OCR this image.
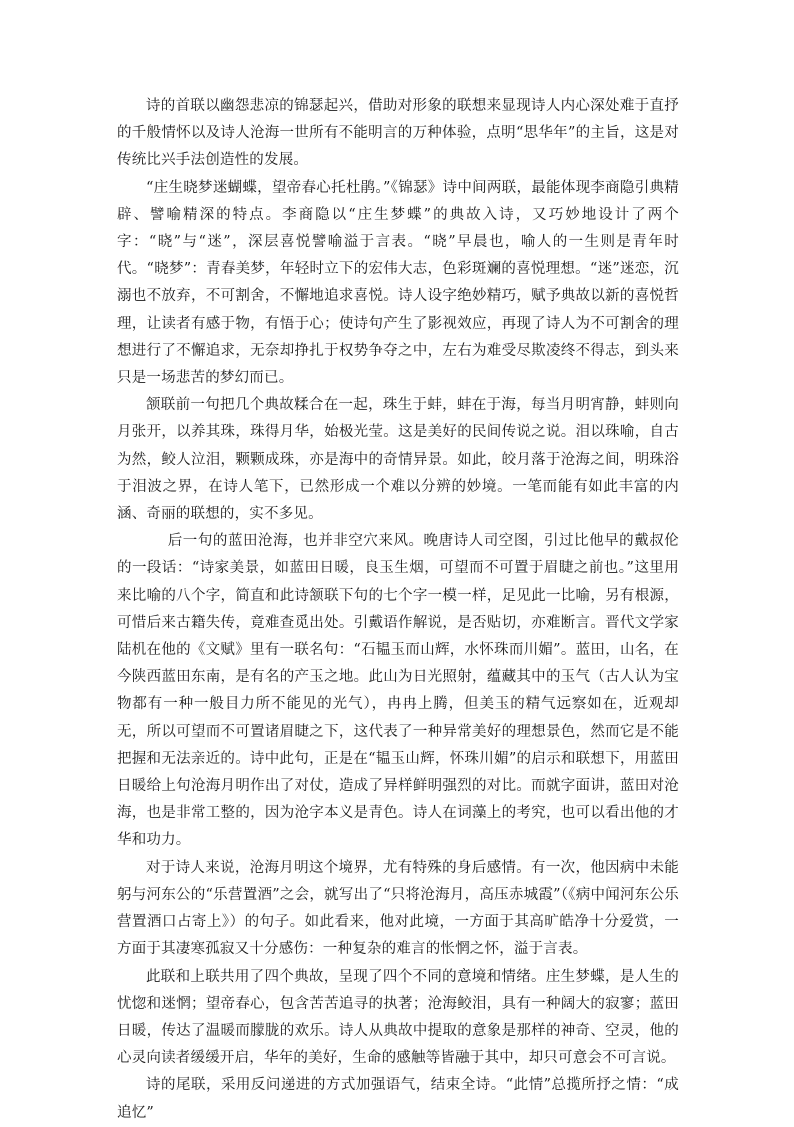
诗的首联以幽怨悲凉的锦瑟起兴，借助对形象的联想来显现诗人内心深处难于直抒的千般情怀以及诗人沧海一世所有不能明言的万种体验，点明“思华年”的主旨，这是对传统比兴手法创造性的发展。

“庄生晓梦迷蝴蝶，望帝春心托杜鹃。”《锦瑟》诗中间两联，最能体现李商隐引典精辟、譬喻精深的特点。李商隐以“庄生梦蝶”的典故入诗，又巧妙地设计了两个字：“晓”与“迷”，深层喜悦譬喻溢于言表。“晓”早晨也，喻人的一生则是青年时代。“晓梦”：青春美梦，年轻时立下的宏伟大志，色彩斑斓的喜悦理想。“迷”迷恋，沉溺也不放弃，不可割舍，不懈地追求喜悦。诗人设字绝妙精巧，赋予典故以新的喜悦哲理，让读者有感于物，有悟于心；使诗句产生了影视效应，再现了诗人为不可割舍的理想进行了不懈追求，无奈却挣扎于权势争夺之中，左右为难受尽欺凌终不得志，到头来只是一场悲苦的梦幻而已。

颔联前一句把几个典故糅合在一起，珠生于蚌，蚌在于海，每当月明宵静，蚌则向月张开，以养其珠，珠得月华，始极光莹。这是美好的民间传说之说。泪以珠喻，自古为然，鲛人泣泪，颗颗成珠，亦是海中的奇情异景。如此，皎月落于沧海之间，明珠浴于泪波之界，在诗人笔下，已然形成一个难以分辨的妙境。一笔而能有如此丰富的内涵、奇丽的联想的，实不多见。

后一句的蓝田沧海，也并非空穴来风。晚唐诗人司空图，引过比他早的戴叔伦的一段话：“诗家美景，如蓝田日暖，良玉生烟，可望而不可置于眉睫之前也。”这里用来比喻的八个字，简直和此诗颔联下句的七个字一模一样，足见此一比喻，另有根源，可惜后来古籍失传，竟难查觅出处。引戴语作解说，是否贴切，亦难断言。晋代文学家陆机在他的《文赋》里有一联名句：“石韫玉而山辉，水怀珠而川媚”。蓝田，山名，在今陕西蓝田东南，是有名的产玉之地。此山为日光照射，蕴藏其中的玉气（古人认为宝物都有一种一般目力所不能见的光气），冉冉上腾，但美玉的精气远察如在，近观却无，所以可望而不可置诸眉睫之下，这代表了一种异常美好的理想景色，然而它是不能把握和无法亲近的。诗中此句，正是在“韫玉山辉，怀珠川媚”的启示和联想下，用蓝田日暖给上句沧海月明作出了对仗，造成了异样鲜明强烈的对比。而就字面讲，蓝田对沧海，也是非常工整的，因为沧字本义是青色。诗人在词藻上的考究，也可以看出他的才华和功力。

对于诗人来说，沧海月明这个境界，尤有特殊的身后感情。有一次，他因病中未能躬与河东公的“乐营置酒”之会，就写出了“只将沧海月，高压赤城霞”（《病中闻河东公乐营置酒口占寄上》）的句子。如此看来，他对此境，一方面于其高旷皓净十分爱赏，一方面于其凄寒孤寂又十分感伤：一种复杂的难言的怅惘之怀，溢于言表。

此联和上联共用了四个典故，呈现了四个不同的意境和情绪。庄生梦蝶，是人生的忧惚和迷惘；望帝春心，包含苦苦追寻的执著；沧海鲛泪，具有一种阔大的寂寥；蓝田日暖，传达了温暖而朦胧的欢乐。诗人从典故中提取的意象是那样的神奇、空灵，他的心灵向读者缓缓开启，华年的美好，生命的感触等皆融于其中，却只可意会不可言说。

诗的尾联，采用反问递进的方式加强语气，结束全诗。“此情”总揽所抒之情：“成追忆”
